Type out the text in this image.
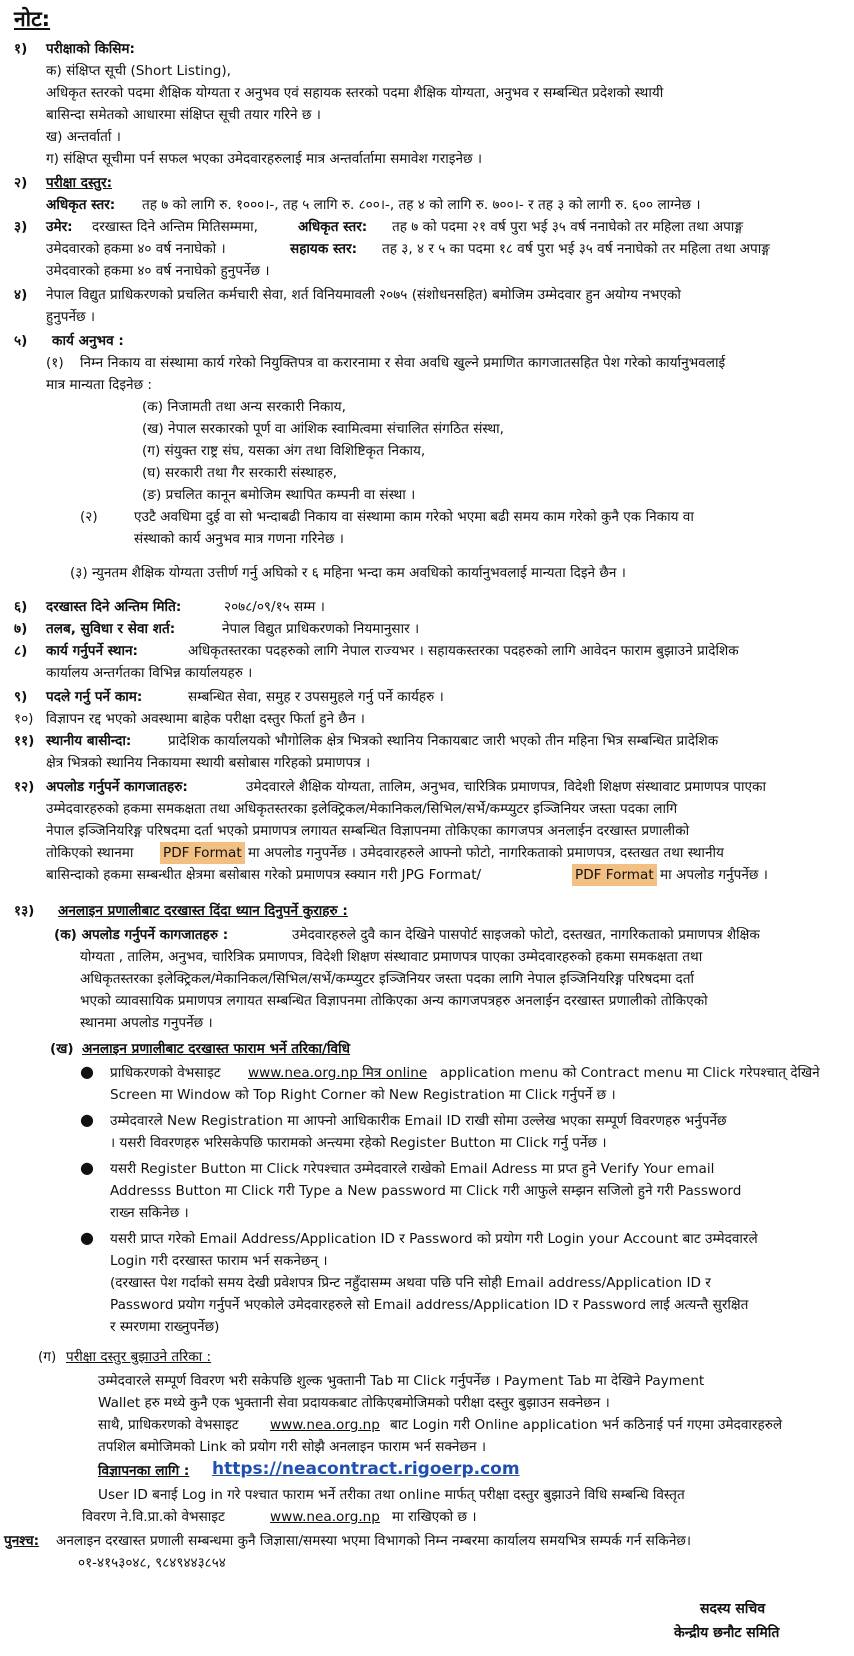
नोट:
१) परीक्षाको किसिम:
क) संक्षिप्त सूची (Short Listing),
अधिकृत स्तरको पदमा शैक्षिक योग्यता र अनुभव एवं सहायक स्तरको पदमा शैक्षिक योग्यता, अनुभव र सम्बन्धित प्रदेशको स्थायी
बासिन्दा समेतको आधारमा संक्षिप्त सूची तयार गरिने छ ।
ख) अन्तर्वार्ता ।
ग) संक्षिप्त सूचीमा पर्न सफल भएका उमेदवारहरुलाई मात्र अन्तर्वार्तामा समावेश गराइनेछ ।
२) परीक्षा दस्तुर:
अधिकृत स्तर: तह ७ को लागि रु. १०००।-, तह ५ लागि रु. ८००।-, तह ४ को लागि रु. ७००।- र तह ३ को लागी रु. ६०० लाग्नेछ ।
३) उमेर: दरखास्त दिने अन्तिम मितिसम्ममा,	अधिकृत स्तर: तह ७ को पदमा २१ वर्ष पुरा भई ३५ वर्ष ननाघेको तर महिला तथा अपाङ्ग
उमेदवारको हकमा ४० वर्ष ननाघेको ।	सहायक स्तर: तह ३, ४ र ५ का पदमा १८ वर्ष पुरा भई ३५ वर्ष ननाघेको तर महिला तथा अपाङ्ग
उमेदवारको हकमा ४० वर्ष ननाघेको हुनुपर्नेछ ।
४) नेपाल विद्युत प्राधिकरणको प्रचलित कर्मचारी सेवा, शर्त विनियमावली २०७५ (संशोधनसहित) बमोजिम उम्मेदवार हुन अयोग्य नभएको
हुनुपर्नेछ ।
५) कार्य अनुभव :
(१) निम्न निकाय वा संस्थामा कार्य गरेको नियुक्तिपत्र वा करारनामा र सेवा अवधि खुल्ने प्रमाणित कागजातसहित पेश गरेको कार्यानुभवलाई
मात्र मान्यता दिइनेछ :
(क) निजामती तथा अन्य सरकारी निकाय,
(ख) नेपाल सरकारको पूर्ण वा आंशिक स्वामित्वमा संचालित संगठित संस्था,
(ग) संयुक्त राष्ट्र संघ, यसका अंग तथा विशिष्टिकृत निकाय,
(घ) सरकारी तथा गैर सरकारी संस्थाहरु,
(ङ) प्रचलित कानून बमोजिम स्थापित कम्पनी वा संस्था ।
(२)	एउटै अवधिमा दुई वा सो भन्दाबढी निकाय वा संस्थामा काम गरेको भएमा बढी समय काम गरेको कुनै एक निकाय वा
संस्थाको कार्य अनुभव मात्र गणना गरिनेछ ।
(३) न्युनतम शैक्षिक योग्यता उत्तीर्ण गर्नु अघिको र ६ महिना भन्दा कम अवधिको कार्यानुभवलाई मान्यता दिइने छैन ।
६) दरखास्त दिने अन्तिम मिति:	२०७८/०९/१५ सम्म ।
७) तलब, सुविधा र सेवा शर्त:	नेपाल विद्युत प्राधिकरणको नियमानुसार ।
८) कार्य गर्नुपर्ने स्थान:	अधिकृतस्तरका पदहरुको लागि नेपाल राज्यभर । सहायकस्तरका पदहरुको लागि आवेदन फाराम बुझाउने प्रादेशिक
कार्यालय अन्तर्गतका विभिन्न कार्यालयहरु ।
९) पदले गर्नु पर्ने काम:	सम्बन्धित सेवा, समुह र उपसमुहले गर्नु पर्ने कार्यहरु ।
१०) विज्ञापन रद्द भएको अवस्थामा बाहेक परीक्षा दस्तुर फिर्ता हुने छैन ।
११) स्थानीय बासीन्दा:	प्रादेशिक कार्यालयको भौगोलिक क्षेत्र भित्रको स्थानिय निकायबाट जारी भएको तीन महिना भित्र सम्बन्धित प्रादेशिक
क्षेत्र भित्रको स्थानिय निकायमा स्थायी बसोबास गरिहको प्रमाणपत्र ।
१२) अपलोड गर्नुपर्ने कागजातहरु:	उमेदवारले शैक्षिक योग्यता, तालिम, अनुभव, चारित्रिक प्रमाणपत्र, विदेशी शिक्षण संस्थावाट प्रमाणपत्र पाएका
उम्मेदवारहरुको हकमा समकक्षता तथा अधिकृतस्तरका इलेक्ट्रिकल/मेकानिकल/सिभिल/सर्भे/कम्प्युटर इञ्जिनियर जस्ता पदका लागि
नेपाल इञ्जिनियरिङ्ग परिषदमा दर्ता भएको प्रमाणपत्र लगायत सम्बन्धित विज्ञापनमा तोकिएका कागजपत्र अनलाईन दरखास्त प्रणालीको
तोकिएको स्थानमा PDF Format मा अपलोड गनुपर्नेछ । उमेदवारहरुले आफ्नो फोटो, नागरिकताको प्रमाणपत्र, दस्तखत तथा स्थानीय
बासिन्दाको हकमा सम्बन्धीत क्षेत्रमा बसोबास गरेको प्रमाणपत्र स्क्यान गरी JPG Format/	PDF Format मा अपलोड गर्नुपर्नेछ ।
१३) अनलाइन प्रणालीबाट दरखास्त दिंदा ध्यान दिनुपर्ने कुराहरु :
(क) अपलोड गर्नुपर्ने कागजातहरु :	उमेदवारहरुले दुवै कान देखिने पासपोर्ट साइजको फोटो, दस्तखत, नागरिकताको प्रमाणपत्र शैक्षिक
योग्यता , तालिम, अनुभव, चारित्रिक प्रमाणपत्र, विदेशी शिक्षण संस्थावाट प्रमाणपत्र पाएका उम्मेदवारहरुको हकमा समकक्षता तथा
अधिकृतस्तरका इलेक्ट्रिकल/मेकानिकल/सिभिल/सर्भे/कम्प्युटर इञ्जिनियर जस्ता पदका लागि नेपाल इञ्जिनियरिङ्ग परिषदमा दर्ता
भएको व्यावसायिक प्रमाणपत्र लगायत सम्बन्धित विज्ञापनमा तोकिएका अन्य कागजपत्रहरु अनलाईन दरखास्त प्रणालीको तोकिएको
स्थानमा अपलोड गनुपर्नेछ ।
(ख) अनलाइन प्रणालीबाट दरखास्त फाराम भर्ने तरिका/विधि
● प्राधिकरणको वेभसाइट www.nea.org.np मित्र online application menu को Contract menu मा Click गरेपश्चात् देखिने
Screen मा Window को Top Right Corner को New Registration मा Click गर्नुपर्ने छ ।
● उम्मेदवारले New Registration मा आफ्नो आधिकारीक Email ID राखी सोमा उल्लेख भएका सम्पूर्ण विवरणहरु भर्नुपर्नेछ
। यसरी विवरणहरु भरिसकेपछि फारामको अन्त्यमा रहेको Register Button मा Click गर्नु पर्नेछ ।
● यसरी Register Button मा Click गरेपश्चात उम्मेदवारले राखेको Email Adress मा प्रप्त हुने Verify Your email
Addresss Button मा Click गरी Type a New password मा Click गरी आफुले सम्झन सजिलो हुने गरी Password
राख्न सकिनेछ ।
● यसरी प्राप्त गरेको Email Address/Application ID र Password को प्रयोग गरी Login your Account बाट उम्मेदवारले
Login गरी दरखास्त फाराम भर्न सकनेछन् ।
(दरखास्त पेश गर्दाको समय देखी प्रवेशपत्र प्रिन्ट नहुँदासम्म अथवा पछि पनि सोही Email address/Application ID र
Password प्रयोग गर्नुपर्ने भएकोले उमेदवारहरुले सो Email address/Application ID र Password लाई अत्यन्तै सुरक्षित
र स्मरणमा राख्नुपर्नेछ)
(ग) परीक्षा दस्तुर बुझाउने तरिका :
उम्मेदवारले सम्पूर्ण विवरण भरी सकेपछि शुल्क भुक्तानी Tab मा Click गर्नुपर्नेछ । Payment Tab मा देखिने Payment
Wallet हरु मध्ये कुनै एक भुक्तानी सेवा प्रदायकबाट तोकिएबमोजिमको परीक्षा दस्तुर बुझाउन सक्नेछन ।
साथै, प्राधिकरणको वेभसाइट www.nea.org.np बाट Login गरी Online application भर्न कठिनाई पर्न गएमा उमेदवारहरुले
तपशिल बमोजिमको Link को प्रयोग गरी सोझै अनलाइन फाराम भर्न सक्नेछन ।
विज्ञापनका लागि : https://neacontract.rigoerp.com
User ID बनाई Log in गरे पश्चात फाराम भर्ने तरीका तथा online मार्फत् परीक्षा दस्तुर बुझाउने विधि सम्बन्धि विस्तृत
विवरण ने.वि.प्रा.को वेभसाइट	www.nea.org.np मा राखिएको छ ।
पुनश्च: अनलाइन दरखास्त प्रणाली सम्बन्धमा कुनै जिज्ञासा/समस्या भएमा विभागको निम्न नम्बरमा कार्यालय समयभित्र सम्पर्क गर्न सकिनेछ।
०१-४१५३०४८, ९८४९४४३८५४
सदस्य सचिव
केन्द्रीय छनौट समिति
